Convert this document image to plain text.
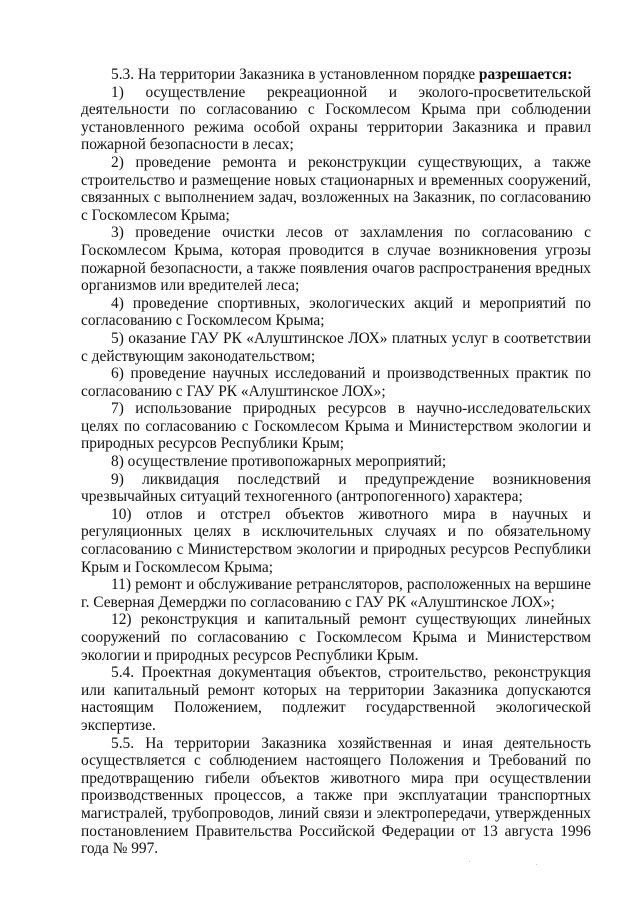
5.3. На территории Заказника в установленном порядке разрешается:

1) осуществление рекреационной и эколого-просветительской деятельности по согласованию с Госкомлесом Крыма при соблюдении установленного режима особой охраны территории Заказника и правил пожарной безопасности в лесах;

2) проведение ремонта и реконструкции существующих, а также строительство и размещение новых стационарных и временных сооружений, связанных с выполнением задач, возложенных на Заказник, по согласованию с Госкомлесом Крыма;

3) проведение очистки лесов от захламления по согласованию с Госкомлесом Крыма, которая проводится в случае возникновения угрозы пожарной безопасности, а также появления очагов распространения вредных организмов или вредителей леса;

4) проведение спортивных, экологических акций и мероприятий по согласованию с Госкомлесом Крыма;

5) оказание ГАУ РК «Алуштинское ЛОХ» платных услуг в соответствии с действующим законодательством;

6) проведение научных исследований и производственных практик по согласованию с ГАУ РК «Алуштинское ЛОХ»;

7) использование природных ресурсов в научно-исследовательских целях по согласованию с Госкомлесом Крыма и Министерством экологии и природных ресурсов Республики Крым;

8) осуществление противопожарных мероприятий;

9) ликвидация последствий и предупреждение возникновения чрезвычайных ситуаций техногенного (антропогенного) характера;

10) отлов и отстрел объектов животного мира в научных и регуляционных целях в исключительных случаях и по обязательному согласованию с Министерством экологии и природных ресурсов Республики Крым и Госкомлесом Крыма;

11) ремонт и обслуживание ретрансляторов, расположенных на вершине г. Северная Демерджи по согласованию с ГАУ РК «Алуштинское ЛОХ»;

12) реконструкция и капитальный ремонт существующих линейных сооружений по согласованию с Госкомлесом Крыма и Министерством экологии и природных ресурсов Республики Крым.

5.4. Проектная документация объектов, строительство, реконструкция или капитальный ремонт которых на территории Заказника допускаются настоящим Положением, подлежит государственной экологической экспертизе.

5.5. На территории Заказника хозяйственная и иная деятельность осуществляется с соблюдением настоящего Положения и Требований по предотвращению гибели объектов животного мира при осуществлении производственных процессов, а также при эксплуатации транспортных магистралей, трубопроводов, линий связи и электропередачи, утвержденных постановлением Правительства Российской Федерации от 13 августа 1996 года № 997.
